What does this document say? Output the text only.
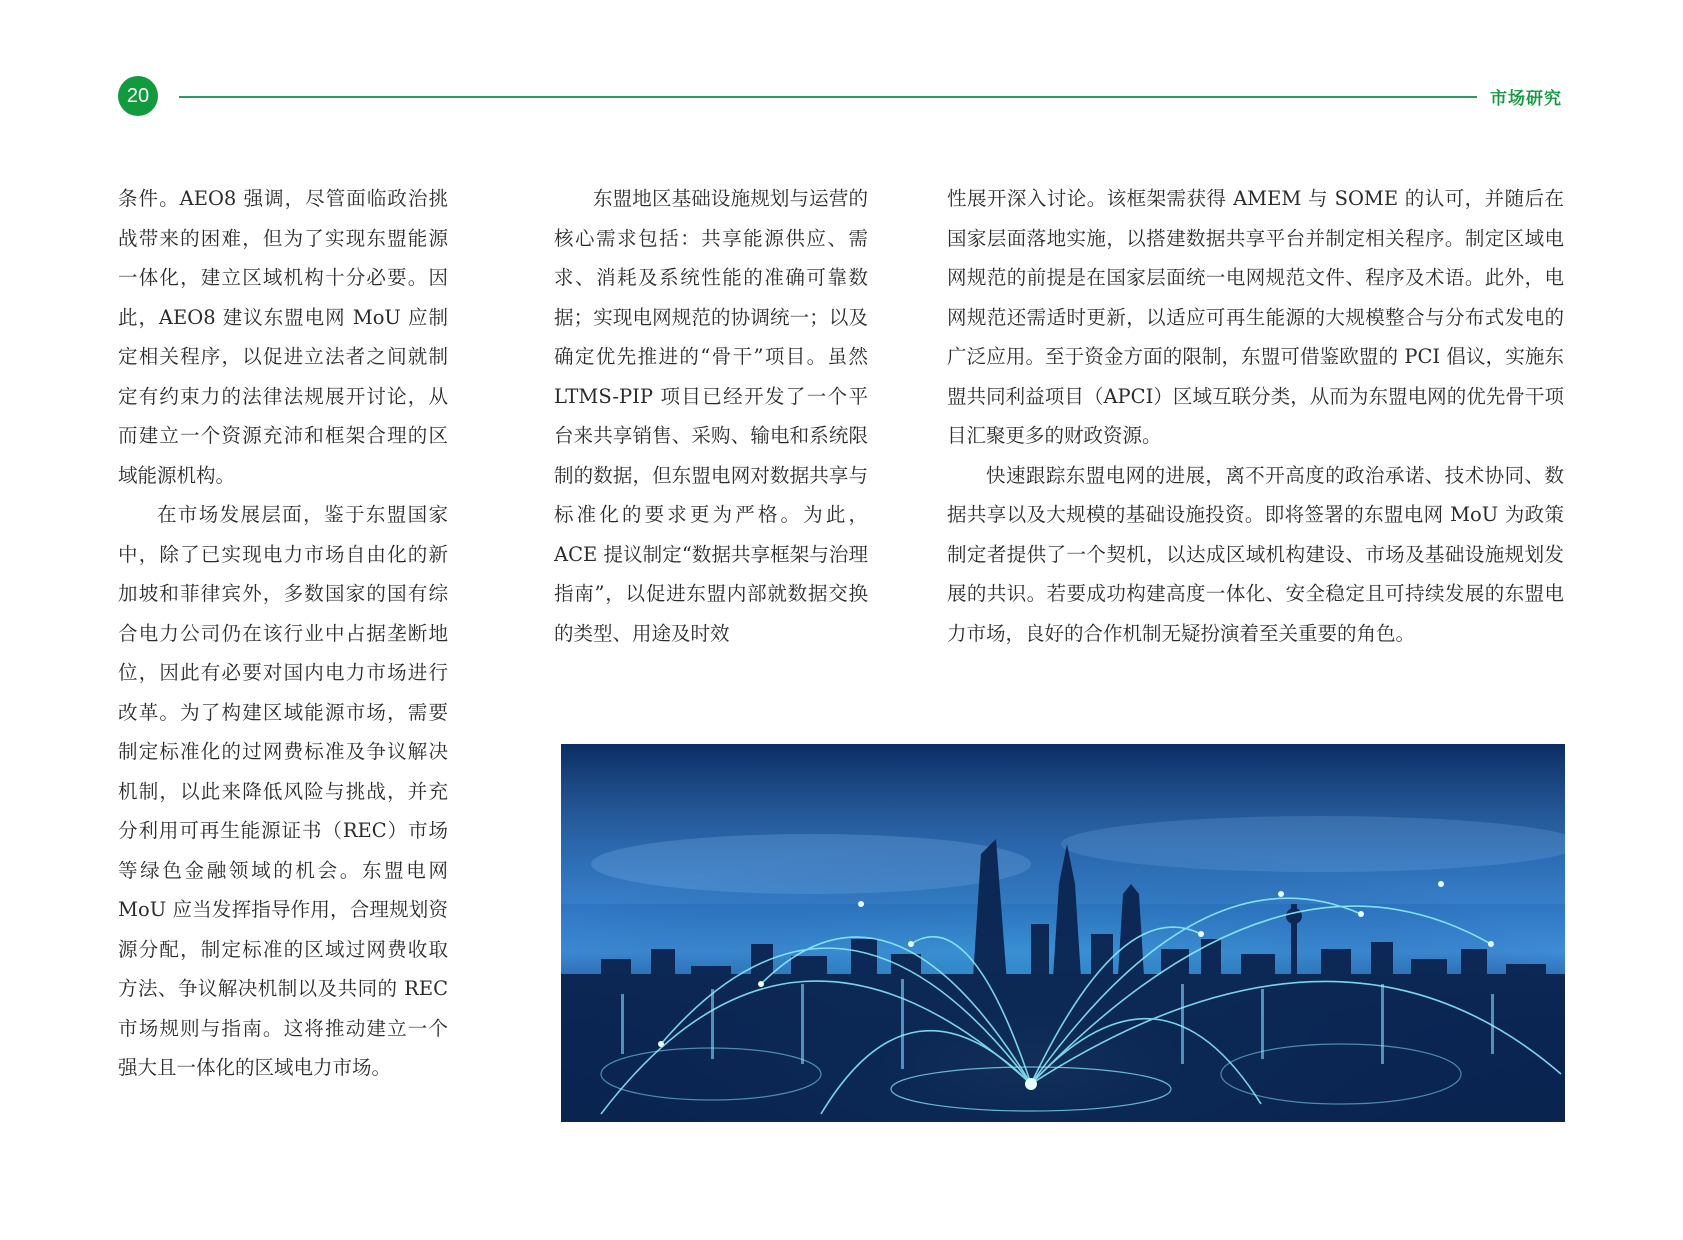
20	市场研究

条件。AEO8 强调，尽管面临政治挑战带来的困难，但为了实现东盟能源一体化，建立区域机构十分必要。因此，AEO8 建议东盟电网 MoU 应制定相关程序，以促进立法者之间就制定有约束力的法律法规展开讨论，从而建立一个资源充沛和框架合理的区域能源机构。

在市场发展层面，鉴于东盟国家中，除了已实现电力市场自由化的新加坡和菲律宾外，多数国家的国有综合电力公司仍在该行业中占据垄断地位，因此有必要对国内电力市场进行改革。为了构建区域能源市场，需要制定标准化的过网费标准及争议解决机制，以此来降低风险与挑战，并充分利用可再生能源证书（REC）市场等绿色金融领域的机会。东盟电网 MoU 应当发挥指导作用，合理规划资源分配，制定标准的区域过网费收取方法、争议解决机制以及共同的 REC 市场规则与指南。这将推动建立一个强大且一体化的区域电力市场。

东盟地区基础设施规划与运营的核心需求包括：共享能源供应、需求、消耗及系统性能的准确可靠数据；实现电网规范的协调统一；以及确定优先推进的“骨干”项目。虽然 LTMS-PIP 项目已经开发了一个平台来共享销售、采购、输电和系统限制的数据，但东盟电网对数据共享与标准化的要求更为严格。为此，ACE 提议制定“数据共享框架与治理指南”，以促进东盟内部就数据交换的类型、用途及时效

性展开深入讨论。该框架需获得 AMEM 与 SOME 的认可，并随后在国家层面落地实施，以搭建数据共享平台并制定相关程序。制定区域电网规范的前提是在国家层面统一电网规范文件、程序及术语。此外，电网规范还需适时更新，以适应可再生能源的大规模整合与分布式发电的广泛应用。至于资金方面的限制，东盟可借鉴欧盟的 PCI 倡议，实施东盟共同利益项目（APCI）区域互联分类，从而为东盟电网的优先骨干项目汇聚更多的财政资源。

快速跟踪东盟电网的进展，离不开高度的政治承诺、技术协同、数据共享以及大规模的基础设施投资。即将签署的东盟电网 MoU 为政策制定者提供了一个契机，以达成区域机构建设、市场及基础设施规划发展的共识。若要成功构建高度一体化、安全稳定且可持续发展的东盟电力市场，良好的合作机制无疑扮演着至关重要的角色。
